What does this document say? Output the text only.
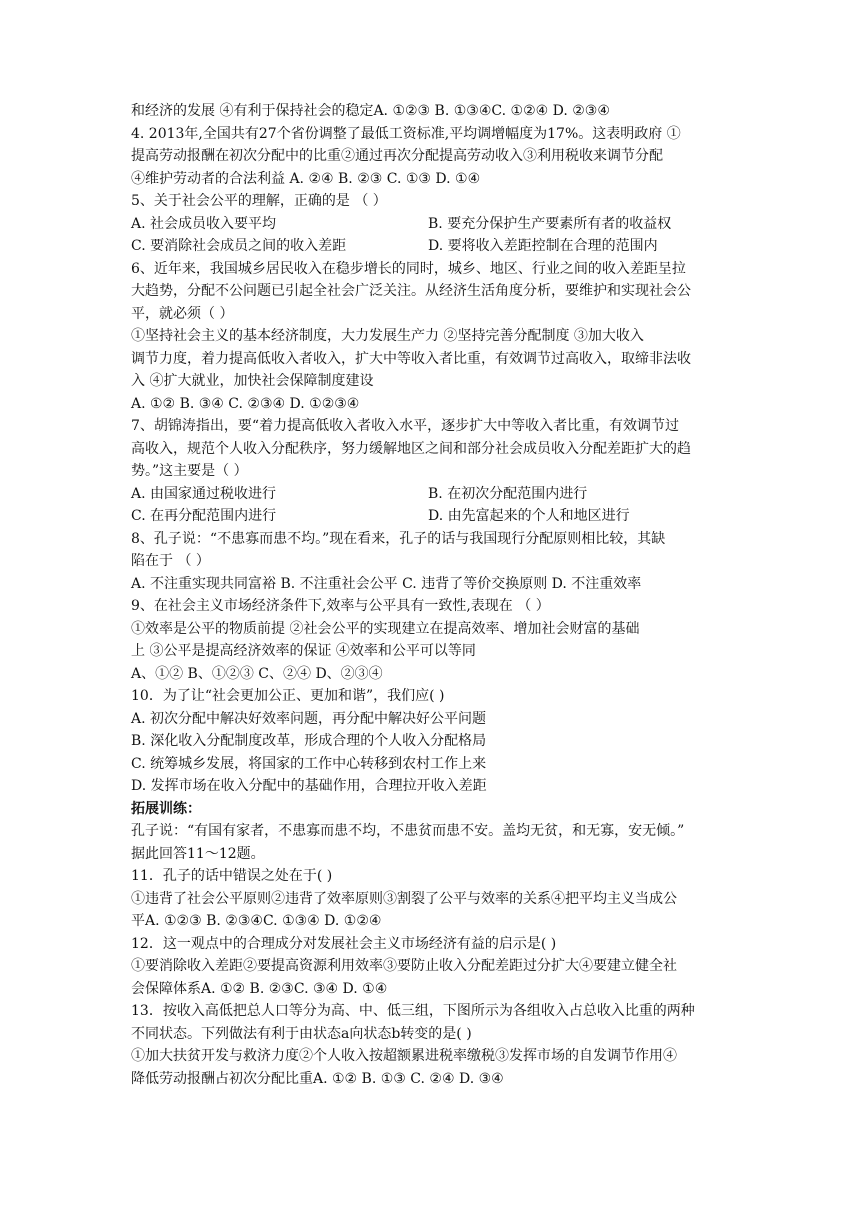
和经济的发展 ④有利于保持社会的稳定A. ①②③ B. ①③④C. ①②④ D. ②③④
4. 2013年,全国共有27个省份调整了最低工资标准,平均调增幅度为17%。这表明政府 ①
提高劳动报酬在初次分配中的比重②通过再次分配提高劳动收入③利用税收来调节分配
④维护劳动者的合法利益 A. ②④ B. ②③ C. ①③ D. ①④
5、关于社会公平的理解，正确的是 （ ）
A. 社会成员收入要平均	B. 要充分保护生产要素所有者的收益权
C. 要消除社会成员之间的收入差距	D. 要将收入差距控制在合理的范围内
6、近年来，我国城乡居民收入在稳步增长的同时，城乡、地区、行业之间的收入差距呈拉
大趋势，分配不公问题已引起全社会广泛关注。从经济生活角度分析，要维护和实现社会公
平，就必须（ ）
①坚持社会主义的基本经济制度，大力发展生产力 ②坚持完善分配制度 ③加大收入
调节力度，着力提高低收入者收入，扩大中等收入者比重，有效调节过高收入，取缔非法收
入 ④扩大就业，加快社会保障制度建设
A. ①② B. ③④ C. ②③④ D. ①②③④
7、胡锦涛指出，要“着力提高低收入者收入水平，逐步扩大中等收入者比重，有效调节过
高收入，规范个人收入分配秩序，努力缓解地区之间和部分社会成员收入分配差距扩大的趋
势。”这主要是（ ）
A. 由国家通过税收进行	B. 在初次分配范围内进行
C. 在再分配范围内进行	D. 由先富起来的个人和地区进行
8、孔子说：“不患寡而患不均。”现在看来，孔子的话与我国现行分配原则相比较，其缺
陷在于 （ ）
A. 不注重实现共同富裕 B. 不注重社会公平 C. 违背了等价交换原则 D. 不注重效率
9、在社会主义市场经济条件下,效率与公平具有一致性,表现在 （ ）
①效率是公平的物质前提 ②社会公平的实现建立在提高效率、增加社会财富的基础
上 ③公平是提高经济效率的保证 ④效率和公平可以等同
A、①② B、①②③ C、②④ D、②③④
10．为了让“社会更加公正、更加和谐”，我们应( )
A. 初次分配中解决好效率问题，再分配中解决好公平问题
B. 深化收入分配制度改革，形成合理的个人收入分配格局
C. 统筹城乡发展，将国家的工作中心转移到农村工作上来
D. 发挥市场在收入分配中的基础作用，合理拉开收入差距
拓展训练：
孔子说：“有国有家者，不患寡而患不均，不患贫而患不安。盖均无贫，和无寡，安无倾。”
据此回答11～12题。
11．孔子的话中错误之处在于( )
①违背了社会公平原则②违背了效率原则③割裂了公平与效率的关系④把平均主义当成公
平A. ①②③ B. ②③④C. ①③④ D. ①②④
12．这一观点中的合理成分对发展社会主义市场经济有益的启示是( )
①要消除收入差距②要提高资源利用效率③要防止收入分配差距过分扩大④要建立健全社
会保障体系A. ①② B. ②③C. ③④ D. ①④
13．按收入高低把总人口等分为高、中、低三组，下图所示为各组收入占总收入比重的两种
不同状态。下列做法有利于由状态a向状态b转变的是( )
①加大扶贫开发与救济力度②个人收入按超额累进税率缴税③发挥市场的自发调节作用④
降低劳动报酬占初次分配比重A. ①② B. ①③ C. ②④ D. ③④
